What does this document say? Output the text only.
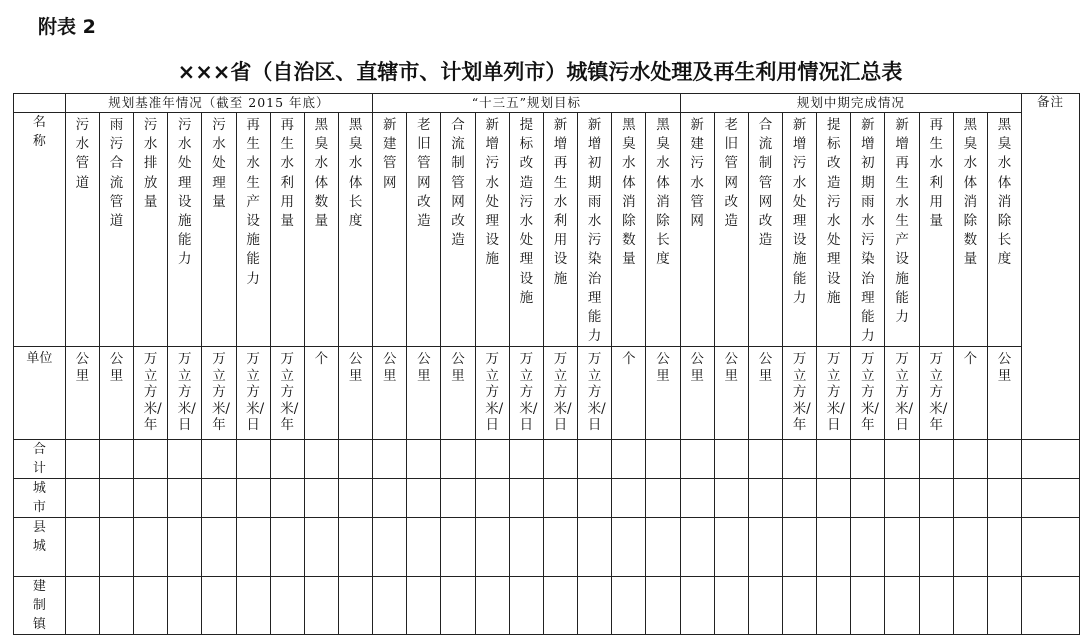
附表 2
×××省（自治区、直辖市、计划单列市）城镇污水处理及再生利用情况汇总表
	规划基准年情况（截至 2015 年底）									“十三五”规划目标									规划中期完成情况										备注

名称	污水管道	雨污合流管道	污水排放量	污水处理设施能力	污水处理量	再生水生产设施能力	再生水利用量	黑臭水体数量	黑臭水体长度	新建管网	老旧管网改造	合流制管网改造	新增污水处理设施	提标改造污水处理设施	新增再生水利用设施	新增初期雨水污染治理能力	黑臭水体消除数量	黑臭水体消除长度	新建污水管网	老旧管网改造	合流制管网改造	新增污水处理设施能力	提标改造污水处理设施	新增初期雨水污染治理能力	新增再生水生产设施能力	再生水利用量	黑臭水体消除数量	黑臭水体消除长度	

单位	公里	公里	万立方米/年	万立方米/日	万立方米/年	万立方米/日	万立方米/年	个	公里	公里	公里	公里	万立方米/日	万立方米/日	万立方米/日	万立方米/日	个	公里	公里	公里	公里	万立方米/年	万立方米/日	万立方米/年	万立方米/日	万立方米/年	个	公里	

合计																													

城市																													

县城																													

建制镇																													
